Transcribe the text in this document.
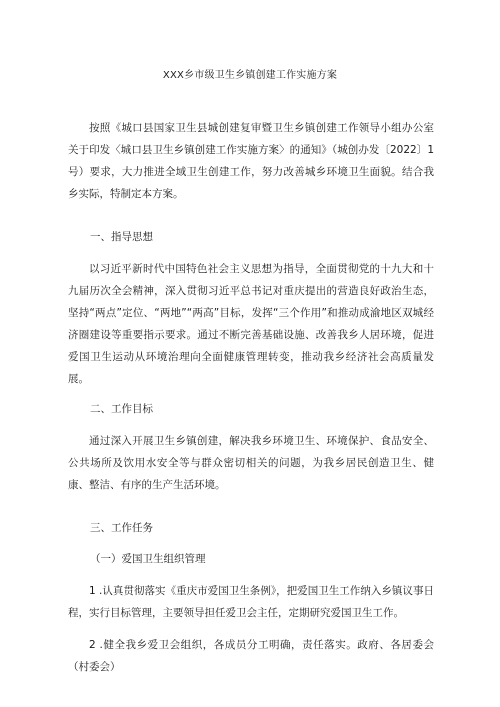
XXX乡市级卫生乡镇创建工作实施方案

按照《城口县国家卫生县城创建复审暨卫生乡镇创建工作领导小组办公室关于印发〈城口县卫生乡镇创建工作实施方案〉的通知》（城创办发〔2022〕1号）要求，大力推进全域卫生创建工作，努力改善城乡环境卫生面貌。结合我乡实际，特制定本方案。

一、指导思想

以习近平新时代中国特色社会主义思想为指导，全面贯彻党的十九大和十九届历次全会精神，深入贯彻习近平总书记对重庆提出的营造良好政治生态，坚持“两点”定位、“两地”“两高”目标，发挥“三个作用”和推动成渝地区双城经济圈建设等重要指示要求。通过不断完善基础设施、改善我乡人居环境，促进爱国卫生运动从环境治理向全面健康管理转变，推动我乡经济社会高质量发展。

二、工作目标

通过深入开展卫生乡镇创建，解决我乡环境卫生、环境保护、食品安全、公共场所及饮用水安全等与群众密切相关的问题，为我乡居民创造卫生、健康、整洁、有序的生产生活环境。

三、工作任务

（一）爱国卫生组织管理

1 .认真贯彻落实《重庆市爱国卫生条例》，把爱国卫生工作纳入乡镇议事日程，实行目标管理，主要领导担任爱卫会主任，定期研究爱国卫生工作。

2 .健全我乡爱卫会组织，各成员分工明确，责任落实。政府、各居委会（村委会）
